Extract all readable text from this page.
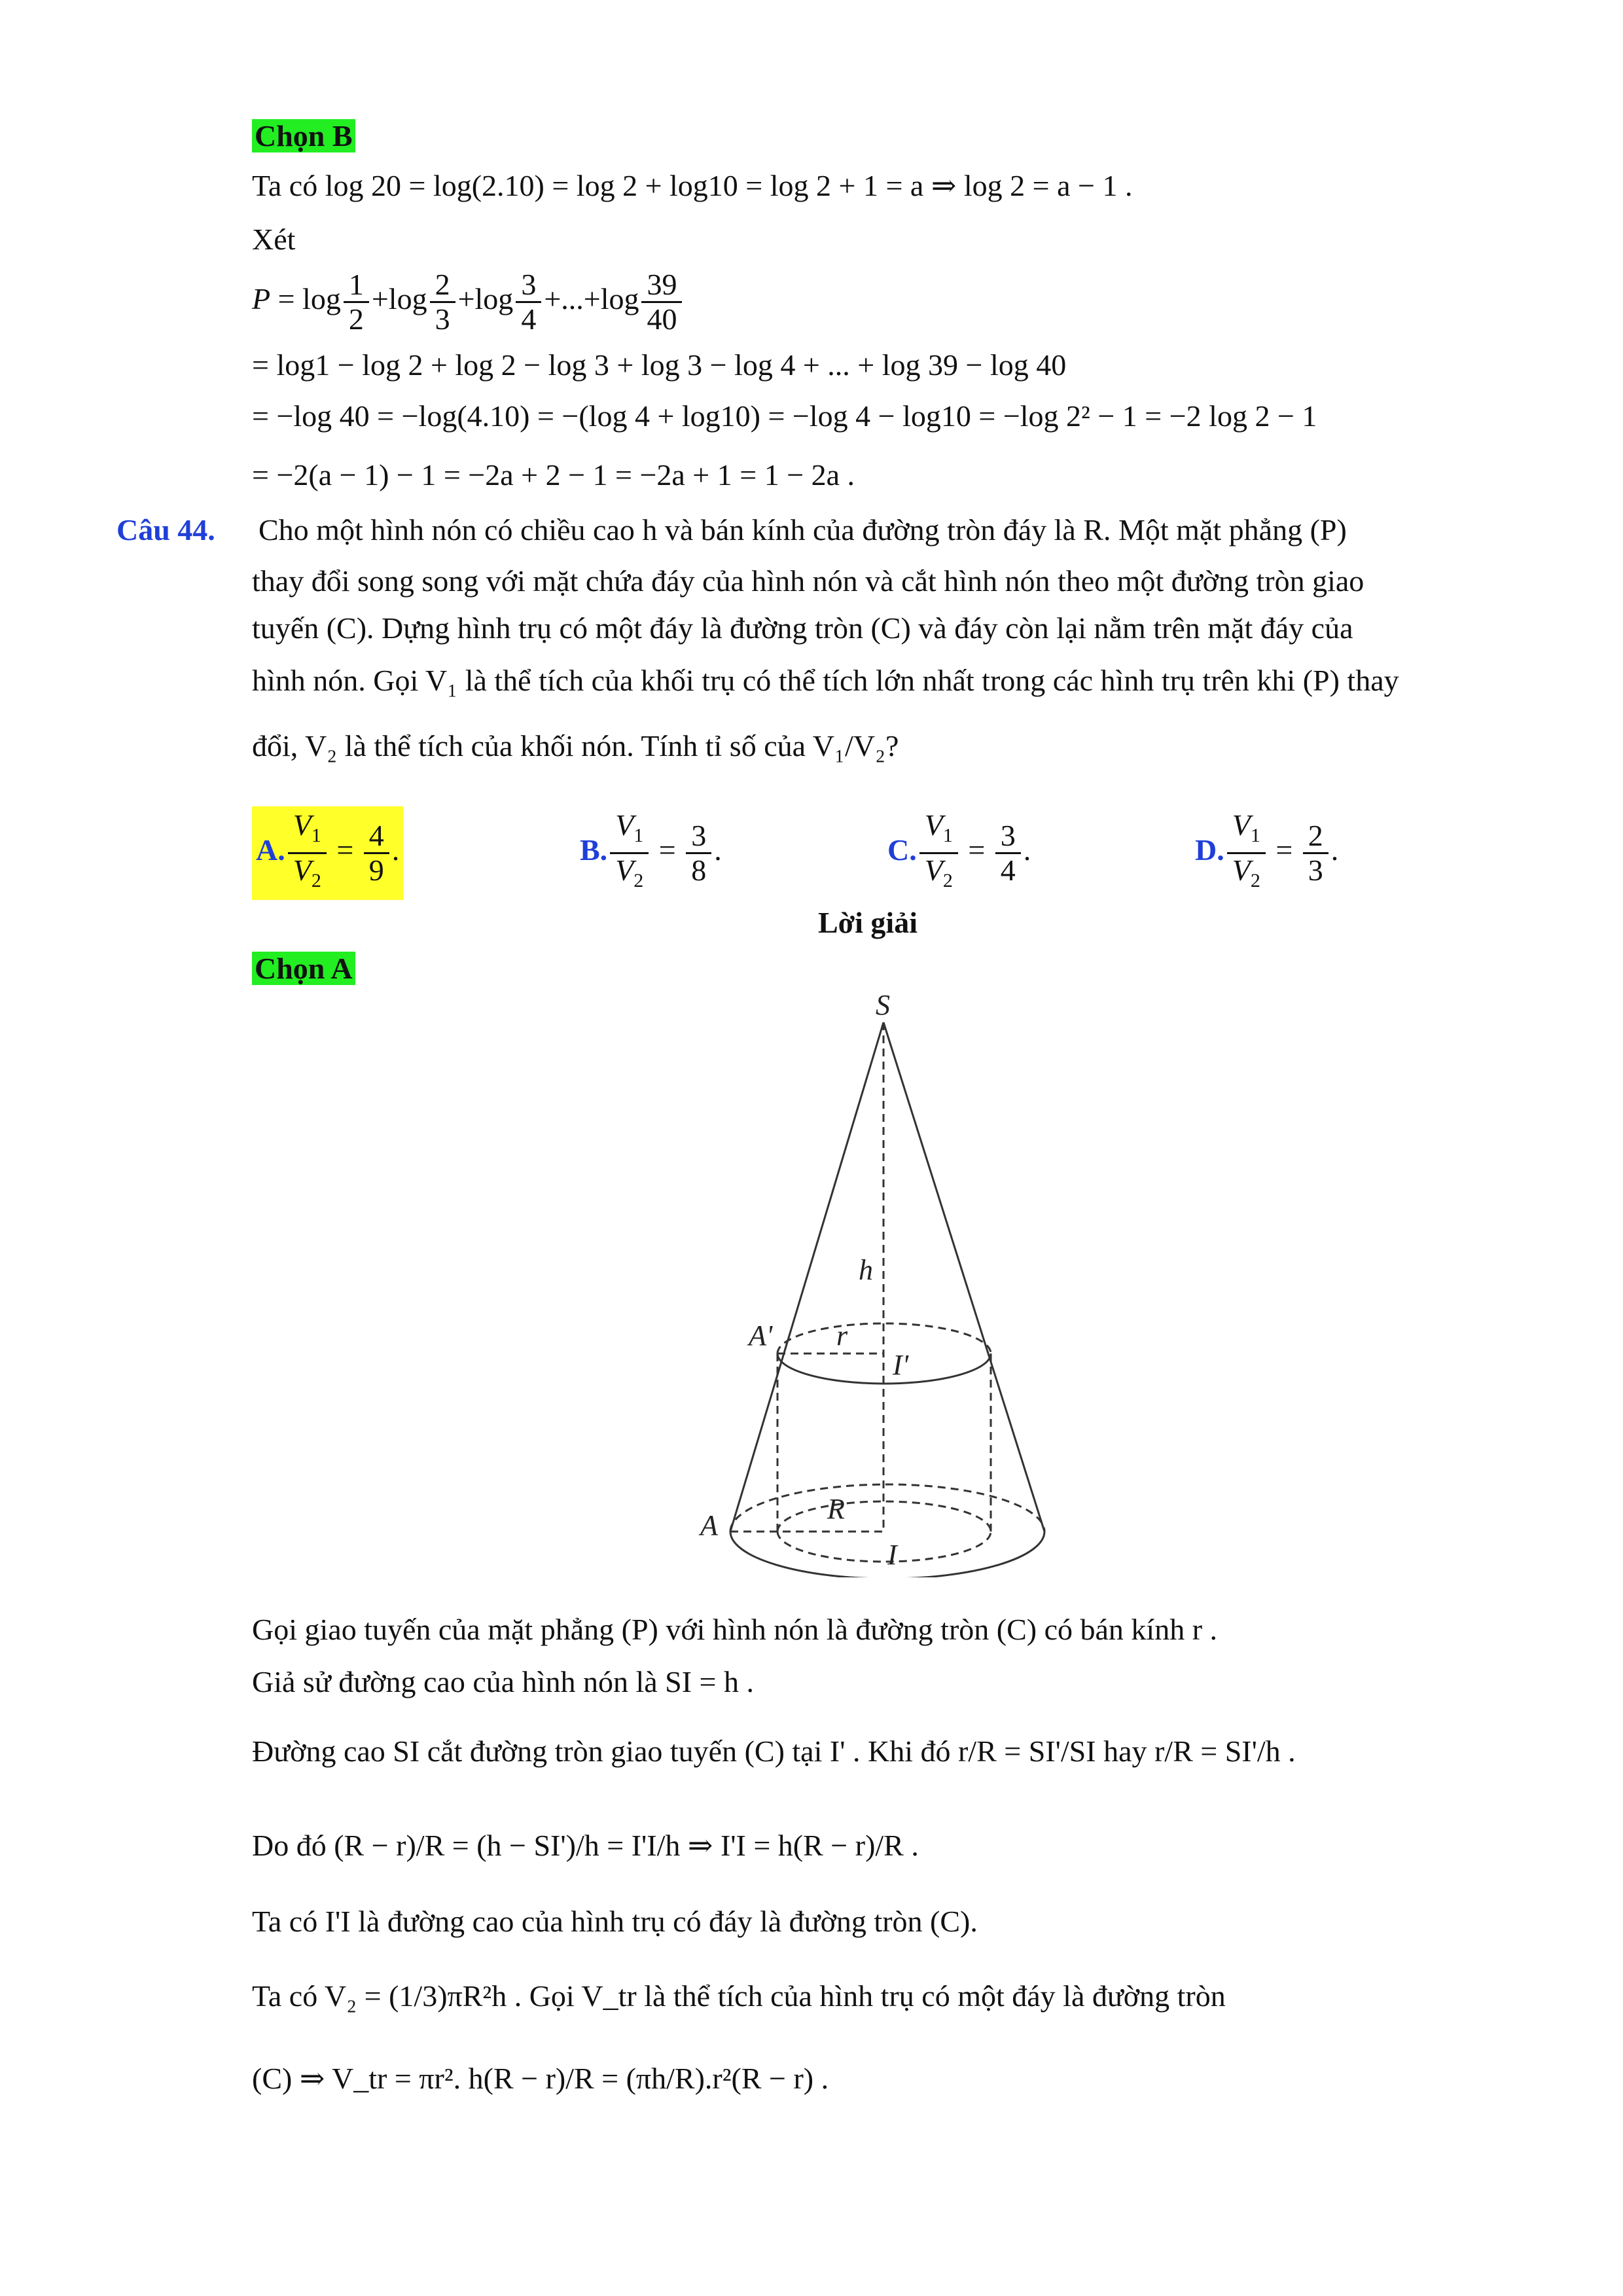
Chọn B
Ta có log 20 = log(2.10) = log 2 + log10 = log 2 + 1 = a ⇒ log 2 = a − 1 .
Xét
$P = \log \frac{1}{2} +\log \frac{2}{3} +\log \frac{3}{4} +...+\log \frac{39}{40}$
= log1 − log 2 + log 2 − log 3 + log 3 − log 4 + ... + log 39 − log 40
= −log 40 = −log(4.10) = −(log 4 + log10) = −log 4 − log10 = −log 2² − 1 = −2 log 2 − 1
= −2(a − 1) − 1 = −2a + 2 − 1 = −2a + 1 = 1 − 2a .
Câu 44. Cho một hình nón có chiều cao h và bán kính của đường tròn đáy là R. Một mặt phẳng (P)
thay đổi song song với mặt chứa đáy của hình nón và cắt hình nón theo một đường tròn giao
tuyến (C). Dựng hình trụ có một đáy là đường tròn (C) và đáy còn lại nằm trên mặt đáy của
hình nón. Gọi V₁ là thể tích của khối trụ có thể tích lớn nhất trong các hình trụ trên khi (P) thay
đổi, V₂ là thể tích của khối nón. Tính tỉ số của V₁/V₂?
A. $\frac{V_1}{V_2} = \frac{4}{9}$ .	B. $\frac{V_1}{V_2} = \frac{3}{8}$ .	C. $\frac{V_1}{V_2} = \frac{3}{4}$ .	D. $\frac{V_1}{V_2} = \frac{2}{3}$ .
Lời giải
Chọn A
S
h
r
A'
I'
A
R
I
Gọi giao tuyến của mặt phẳng (P) với hình nón là đường tròn (C) có bán kính r .
Giả sử đường cao của hình nón là SI = h .
Đường cao SI cắt đường tròn giao tuyến (C) tại I' . Khi đó r/R = SI'/SI hay r/R = SI'/h .
Do đó (R − r)/R = (h − SI')/h = I'I/h ⇒ I'I = h(R − r)/R .
Ta có I'I là đường cao của hình trụ có đáy là đường tròn (C).
Ta có V₂ = (1/3)πR²h . Gọi V_tr là thể tích của hình trụ có một đáy là đường tròn
(C) ⇒ V_tr = πr². h(R − r)/R = (πh/R).r²(R − r) .
